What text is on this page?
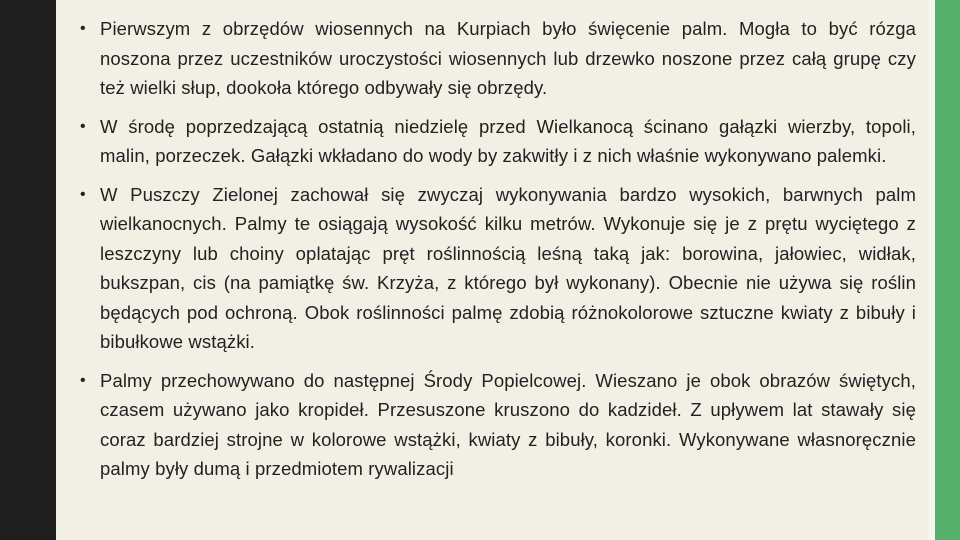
• Pierwszym z obrzędów wiosennych na Kurpiach było święcenie palm. Mogła to być rózga noszona przez uczestników uroczystości wiosennych lub drzewko noszone przez całą grupę czy też wielki słup, dookoła którego odbywały się obrzędy.
• W środę poprzedzającą ostatnią niedzielę przed Wielkanocą ścinano gałązki wierzby, topoli, malin, porzeczek. Gałązki wkładano do wody by zakwitły i z nich właśnie wykonywano palemki.
• W Puszczy Zielonej zachował się zwyczaj wykonywania bardzo wysokich, barwnych palm wielkanocnych. Palmy te osiągają wysokość kilku metrów. Wykonuje się je z prętu wyciętego z leszczyny lub choiny oplatając pręt roślinnością leśną taką jak: borowina, jałowiec, widłak, bukszpan, cis (na pamiątkę św. Krzyża, z którego był wykonany). Obecnie nie używa się roślin będących pod ochroną. Obok roślinności palmę zdobią różnokolorowe sztuczne kwiaty z bibuły i bibułkowe wstążki.
• Palmy przechowywano do następnej Środy Popielcowej. Wieszano je obok obrazów świętych, czasem używano jako kropideł. Przesuszone kruszono do kadzideł. Z upływem lat stawały się coraz bardziej strojne w kolorowe wstążki, kwiaty z bibuły, koronki. Wykonywane własnoręcznie palmy były dumą i przedmiotem rywalizacji
